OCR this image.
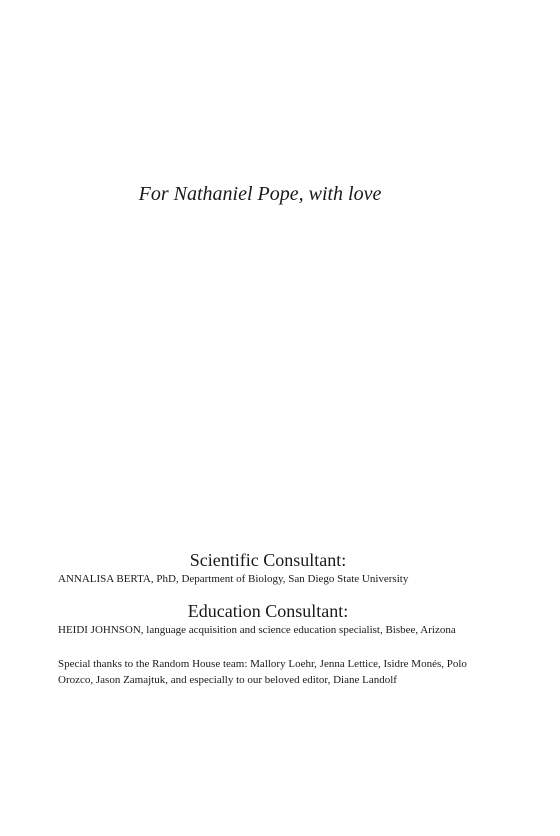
For Nathaniel Pope, with love
Scientific Consultant:

ANNALISA BERTA, PhD, Department of Biology, San Diego State University

Education Consultant:

HEIDI JOHNSON, language acquisition and science education specialist, Bisbee, Arizona

Special thanks to the Random House team: Mallory Loehr, Jenna Lettice, Isidre Monés, Polo Orozco, Jason Zamajtuk, and especially to our beloved editor, Diane Landolf
